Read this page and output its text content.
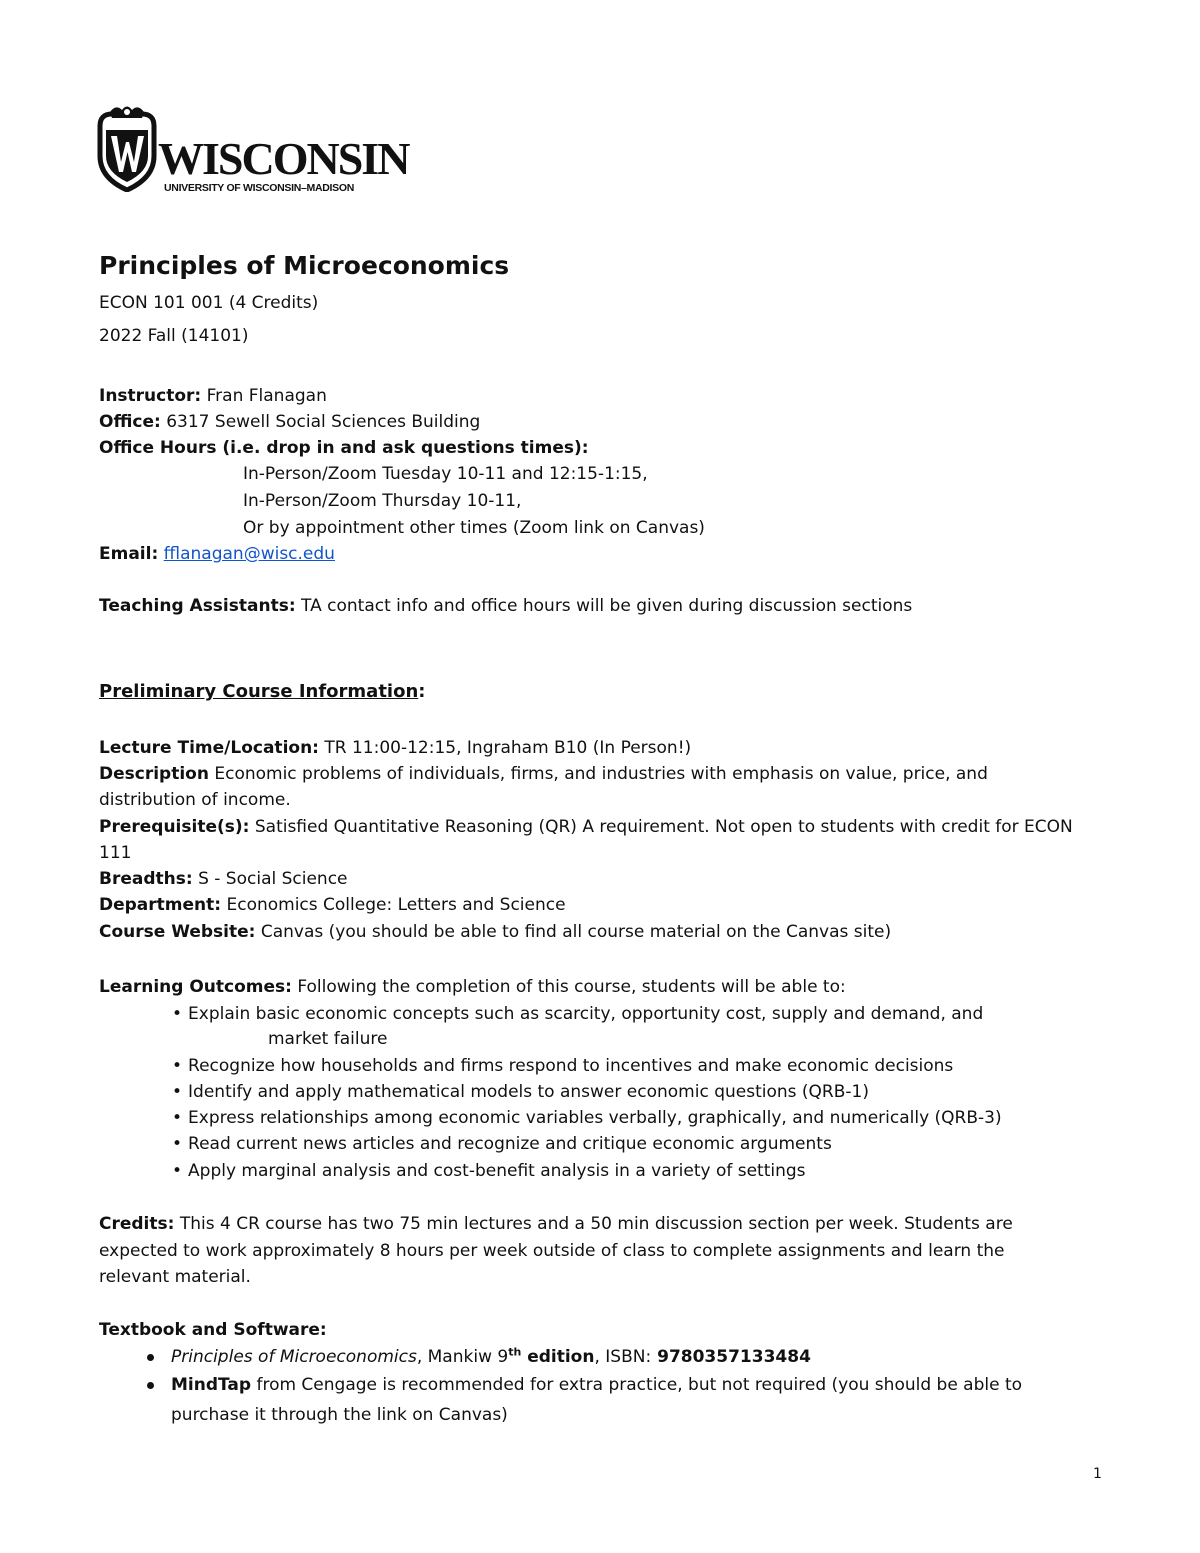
WISCONSIN
UNIVERSITY OF WISCONSIN–MADISON
Principles of Microeconomics
ECON 101 001 (4 Credits)
2022 Fall (14101)
Instructor: Fran Flanagan
Office: 6317 Sewell Social Sciences Building
Office Hours (i.e. drop in and ask questions times):
In-Person/Zoom Tuesday 10-11 and 12:15-1:15,
In-Person/Zoom Thursday 10-11,
Or by appointment other times (Zoom link on Canvas)
Email: fflanagan@wisc.edu
Teaching Assistants: TA contact info and office hours will be given during discussion sections
Preliminary Course Information:
Lecture Time/Location: TR 11:00-12:15, Ingraham B10 (In Person!)
Description Economic problems of individuals, firms, and industries with emphasis on value, price, and
distribution of income.
Prerequisite(s): Satisfied Quantitative Reasoning (QR) A requirement. Not open to students with credit for ECON
111
Breadths: S - Social Science
Department: Economics College: Letters and Science
Course Website: Canvas (you should be able to find all course material on the Canvas site)
Learning Outcomes: Following the completion of this course, students will be able to:
• Explain basic economic concepts such as scarcity, opportunity cost, supply and demand, and
market failure
• Recognize how households and firms respond to incentives and make economic decisions
• Identify and apply mathematical models to answer economic questions (QRB-1)
• Express relationships among economic variables verbally, graphically, and numerically (QRB-3)
• Read current news articles and recognize and critique economic arguments
• Apply marginal analysis and cost-benefit analysis in a variety of settings
Credits: This 4 CR course has two 75 min lectures and a 50 min discussion section per week. Students are
expected to work approximately 8 hours per week outside of class to complete assignments and learn the
relevant material.
Textbook and Software:
Principles of Microeconomics, Mankiw 9th edition, ISBN: 9780357133484
MindTap from Cengage is recommended for extra practice, but not required (you should be able to
purchase it through the link on Canvas)
1
